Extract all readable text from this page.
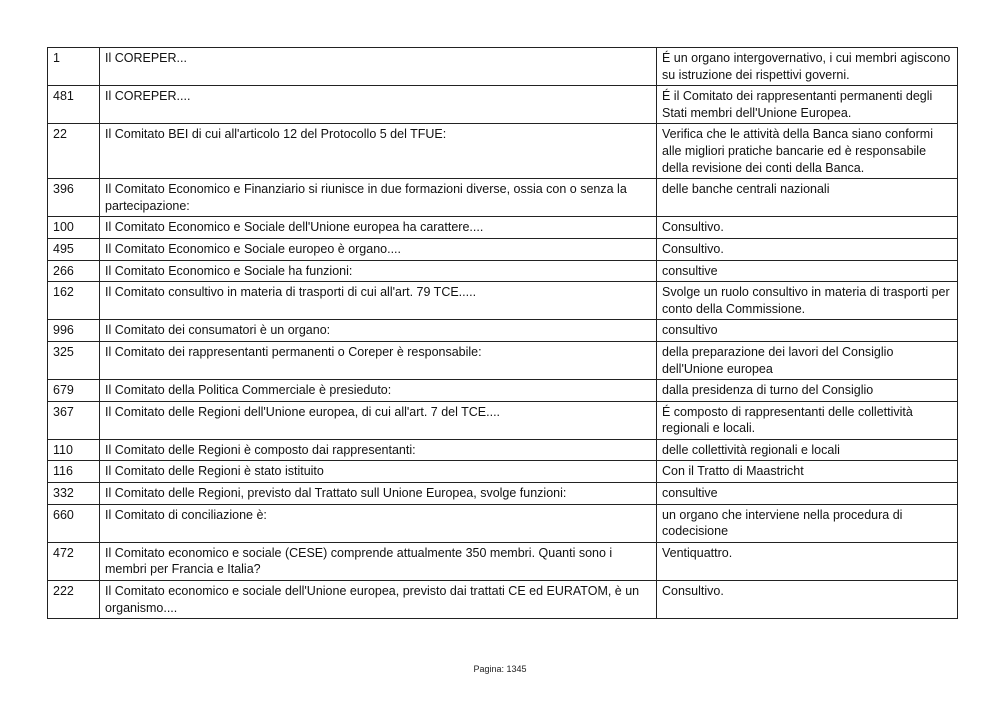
1	Il COREPER...	É un organo intergovernativo, i cui membri agiscono su istruzione dei rispettivi governi.
481	Il COREPER....	É il Comitato dei rappresentanti permanenti degli Stati membri dell'Unione Europea.
22	Il Comitato BEI di cui all'articolo 12 del Protocollo 5 del TFUE:	Verifica che le attività della Banca siano conformi alle migliori pratiche bancarie ed è responsabile della revisione dei conti della Banca.
396	Il Comitato Economico e Finanziario si riunisce in due formazioni diverse, ossia con o senza la partecipazione:	delle banche centrali nazionali
100	Il Comitato Economico e Sociale dell'Unione europea ha carattere....	Consultivo.
495	Il Comitato Economico e Sociale europeo è organo....	Consultivo.
266	Il Comitato Economico e Sociale ha funzioni:	consultive
162	Il Comitato consultivo in materia di trasporti di cui all'art. 79 TCE.....	Svolge un ruolo consultivo in materia di trasporti per conto della Commissione.
996	Il Comitato dei consumatori è un organo:	consultivo
325	Il Comitato dei rappresentanti permanenti o Coreper è responsabile:	della preparazione dei lavori del Consiglio dell'Unione europea
679	Il Comitato della Politica Commerciale è presieduto:	dalla presidenza di turno del Consiglio
367	Il Comitato delle Regioni dell'Unione europea, di cui all'art. 7 del TCE....	É composto di rappresentanti delle collettività regionali e locali.
110	Il Comitato delle Regioni è composto dai rappresentanti:	delle collettività regionali e locali
116	Il Comitato delle Regioni è stato istituito	Con il Tratto di Maastricht
332	Il Comitato delle Regioni, previsto dal Trattato sull Unione Europea, svolge funzioni:	consultive
660	Il Comitato di conciliazione è:	un organo che interviene nella procedura di codecisione
472	Il Comitato economico e sociale (CESE) comprende attualmente 350 membri. Quanti sono i membri per Francia e Italia?	Ventiquattro.
222	Il Comitato economico e sociale dell'Unione europea, previsto dai trattati CE ed EURATOM, è un organismo....	Consultivo.
Pagina: 1345
